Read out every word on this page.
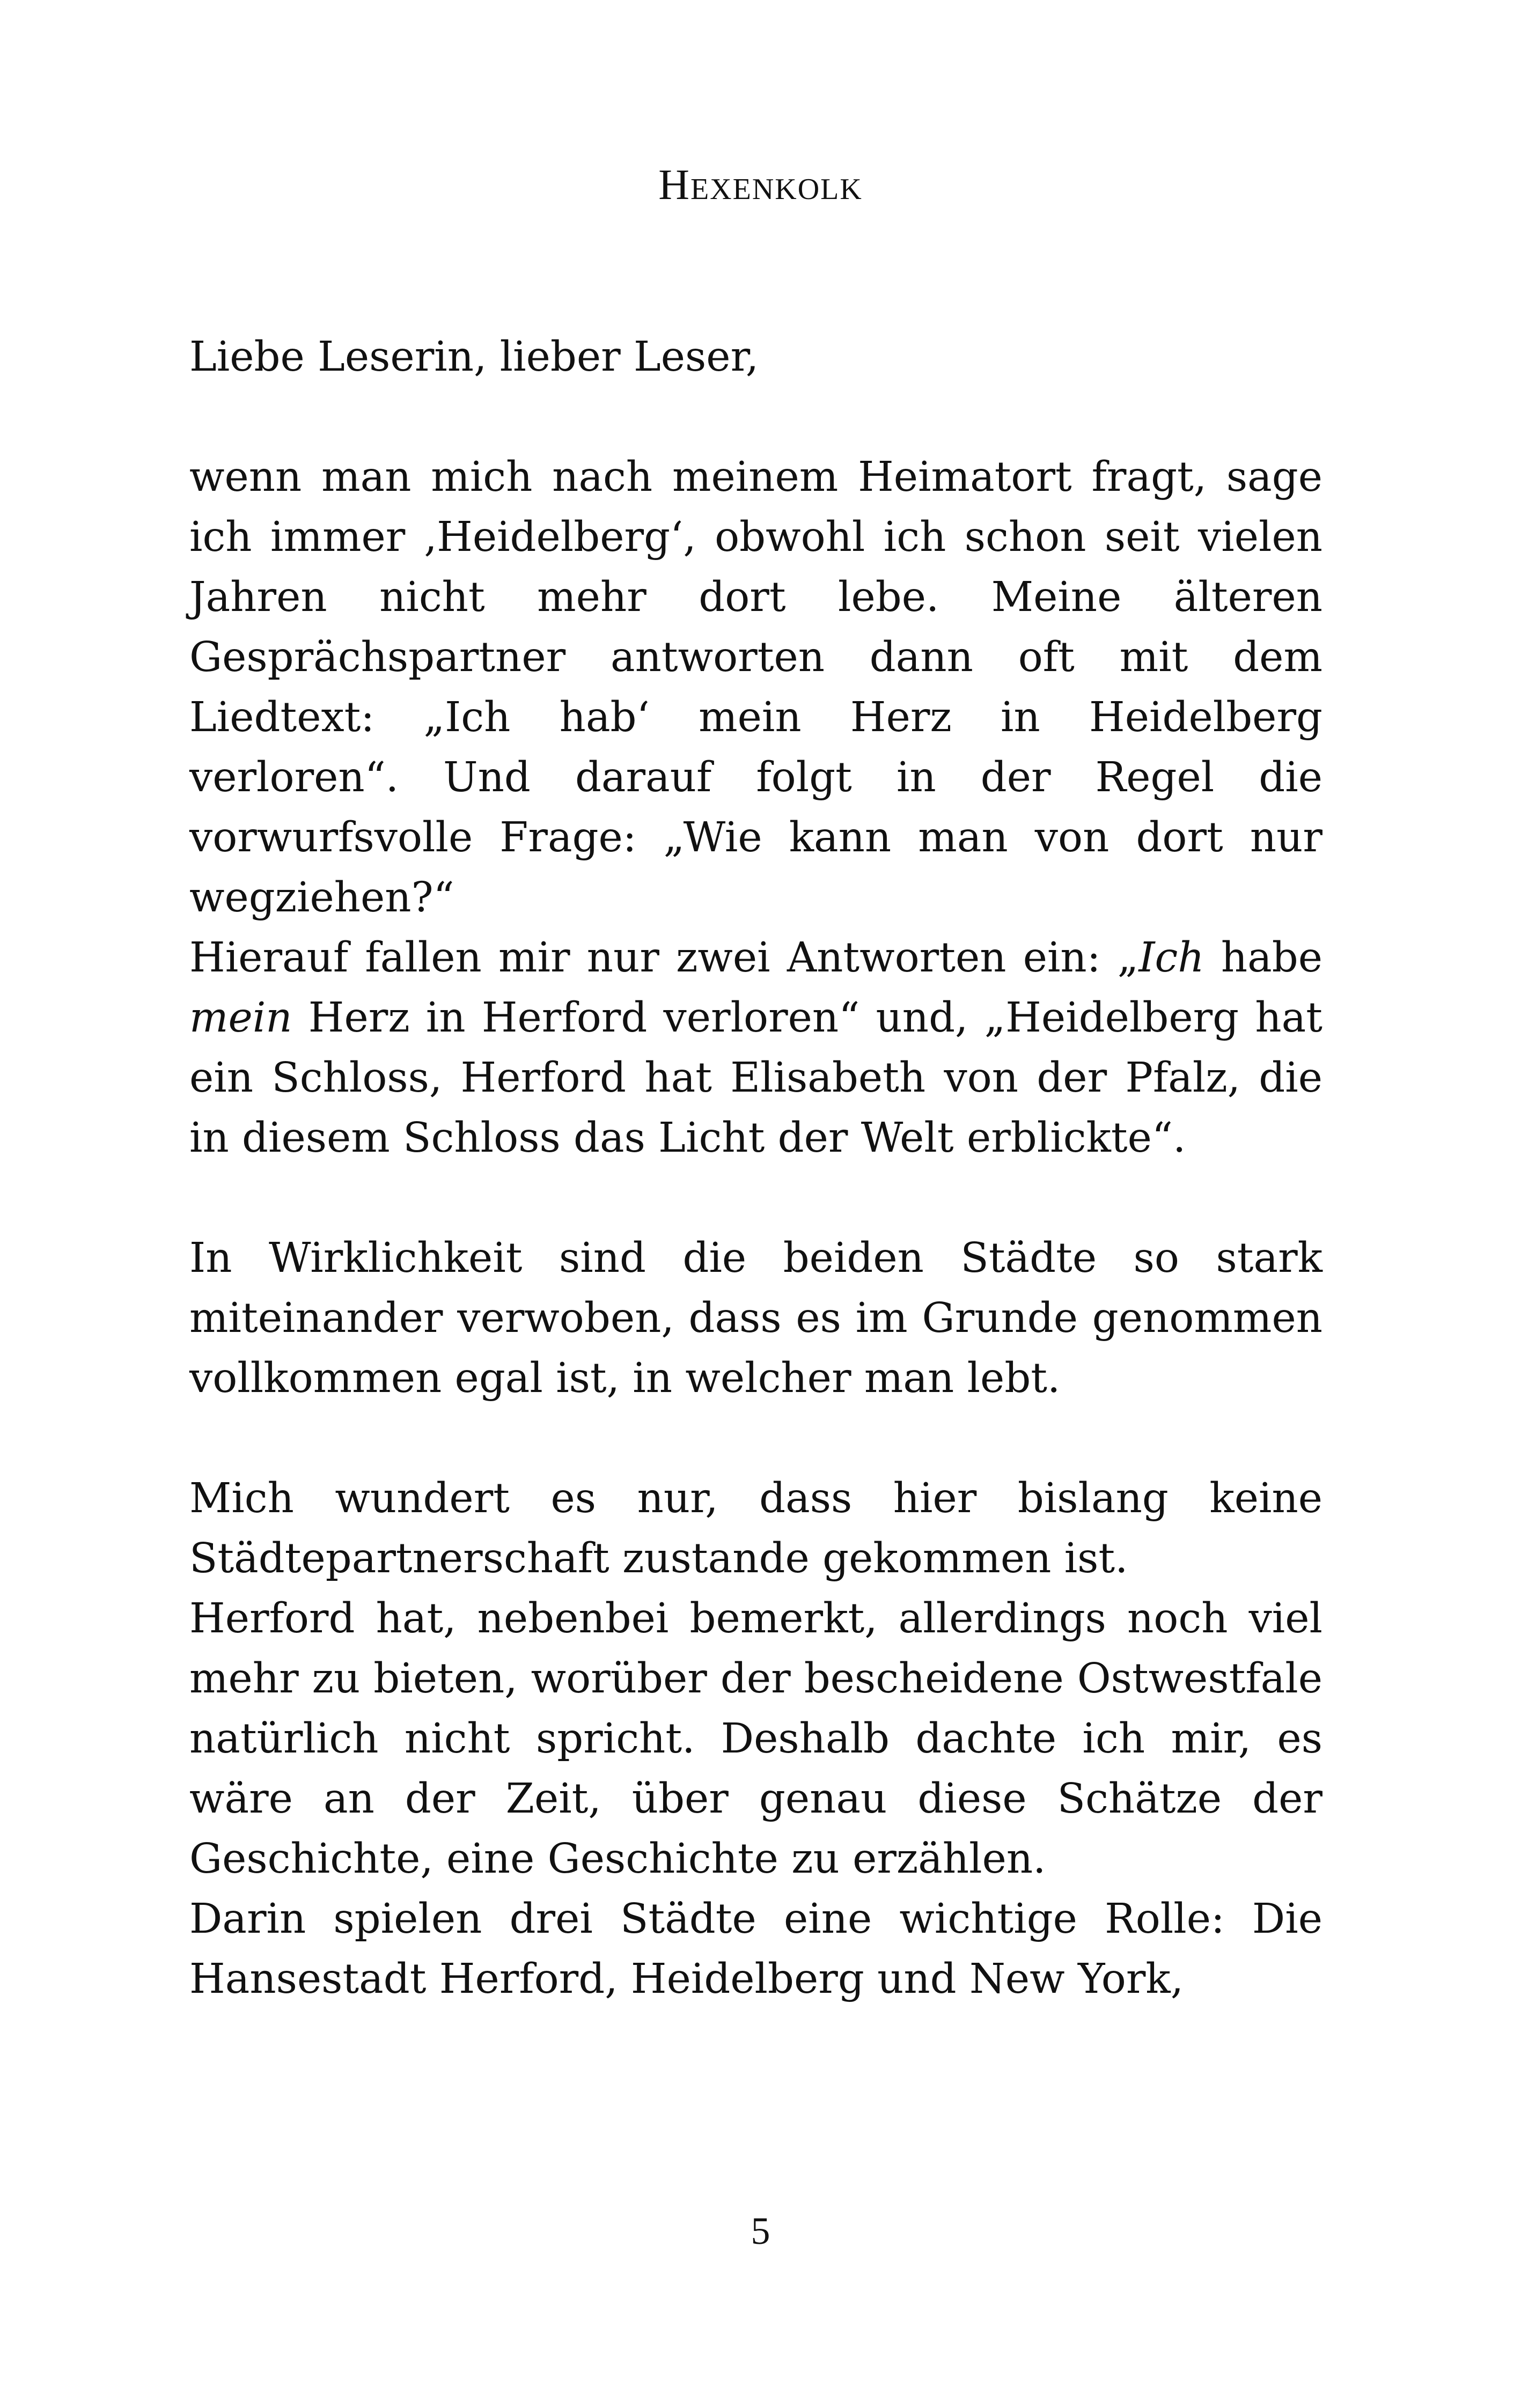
Hexenkolk

Liebe Leserin, lieber Leser,

wenn man mich nach meinem Heimatort fragt, sage ich immer ‚Heidelberg‘, obwohl ich schon seit vielen Jahren nicht mehr dort lebe. Meine älteren Gesprächspartner antworten dann oft mit dem Liedtext: „Ich hab‘ mein Herz in Heidelberg verloren“. Und darauf folgt in der Regel die vorwurfsvolle Frage: „Wie kann man von dort nur wegziehen?“

Hierauf fallen mir nur zwei Antworten ein: „Ich habe mein Herz in Herford verloren“ und, „Heidelberg hat ein Schloss, Herford hat Elisabeth von der Pfalz, die in diesem Schloss das Licht der Welt erblickte“.

In Wirklichkeit sind die beiden Städte so stark miteinander verwoben, dass es im Grunde genommen vollkommen egal ist, in welcher man lebt.

Mich wundert es nur, dass hier bislang keine Städtepartnerschaft zustande gekommen ist.

Herford hat, nebenbei bemerkt, allerdings noch viel mehr zu bieten, worüber der bescheidene Ostwestfale natürlich nicht spricht. Deshalb dachte ich mir, es wäre an der Zeit, über genau diese Schätze der Geschichte, eine Geschichte zu erzählen.

Darin spielen drei Städte eine wichtige Rolle: Die Hansestadt Herford, Heidelberg und New York,

5
